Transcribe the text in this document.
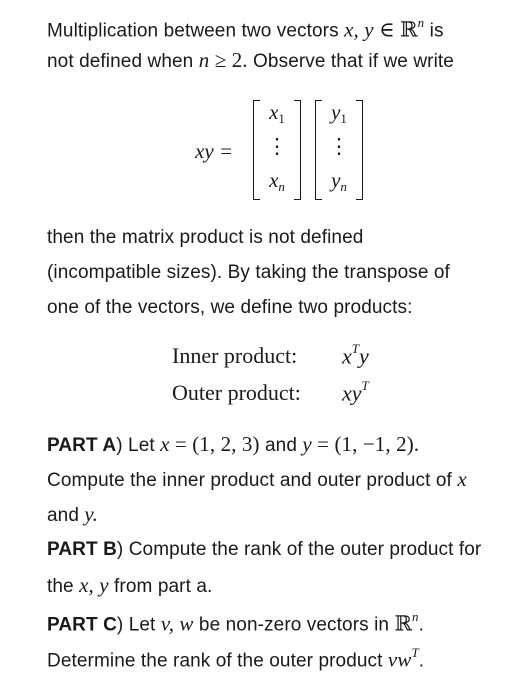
Multiplication between two vectors x, y ∈ ℝ$^n$ is
not defined when n ≥ 2. Observe that if we write
xy =
x1
⋮
xn
y1
⋮
yn
then the matrix product is not defined
(incompatible sizes). By taking the transpose of
one of the vectors, we define two products:
Inner product: $x^Ty$
Outer product: $xy^T$
PART A) Let x = (1, 2, 3) and y = (1, −1, 2).
Compute the inner product and outer product of x
and y.
PART B) Compute the rank of the outer product for
the x, y from part a.
PART C) Let v, w be non-zero vectors in ℝ$^n$.
Determine the rank of the outer product $vw^T$.
